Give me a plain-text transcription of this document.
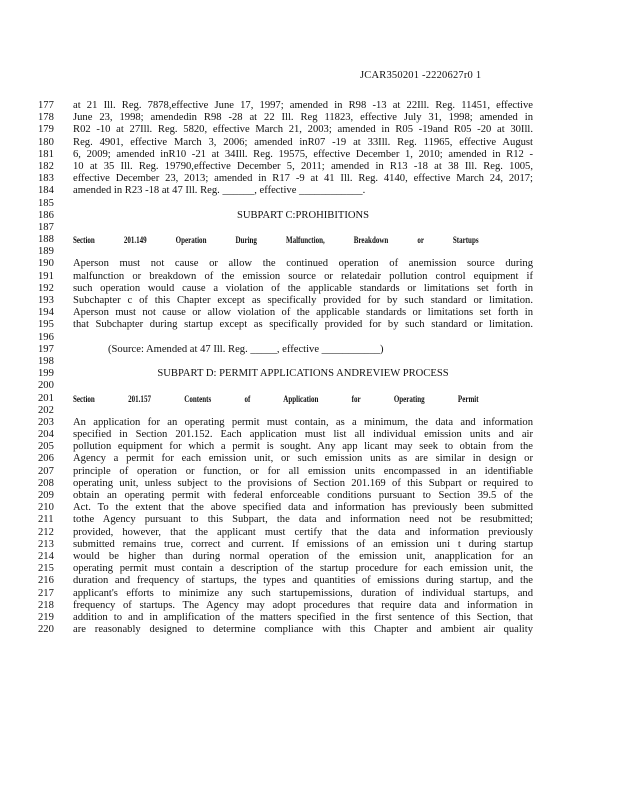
JCAR350201 -2220627r0 1
177	at 21 Ill. Reg. 7878,effective June 17, 1997; amended in R98 -13 at 22Ill. Reg. 11451, effective
178	June 23, 1998; amendedin R98 -28 at 22 Ill. Reg 11823, effective July 31, 1998; amended in
179	R02 -10 at 27Ill. Reg. 5820, effective March 21, 2003; amended in R05 -19and R05 -20 at 30Ill.
180	Reg. 4901, effective March 3, 2006; amended inR07 -19 at 33Ill. Reg. 11965, effective August
181	6, 2009; amended inR10 -21 at 34Ill. Reg. 19575, effective December 1, 2010; amended in R12 -
182	10 at 35 Ill. Reg. 19790,effective December 5, 2011; amended in R13 -18 at 38 Ill. Reg. 1005,
183	effective December 23, 2013; amended in R17 -9 at 41 Ill. Reg. 4140, effective March 24, 2017;
184	amended in R23 -18 at 47 Ill. Reg. ______, effective ____________.
185
186	SUBPART C:PROHIBITIONS
187
188	Section 201.149 Operation During Malfunction, Breakdown or Startups
189
190	Aperson must not cause or allow the continued operation of anemission source during
191	malfunction or breakdown of the emission source or relatedair pollution control equipment if
192	such operation would cause a violation of the applicable standards or limitations set forth in
193	Subchapter c of this Chapter except as specifically provided for by such standard or limitation.
194	Aperson must not cause or allow violation of the applicable standards or limitations set forth in
195	that Subchapter during startup except as specifically provided for by such standard or limitation.
196
197	(Source: Amended at 47 Ill. Reg. _____, effective ___________)
198
199	SUBPART D: PERMIT APPLICATIONS ANDREVIEW PROCESS
200
201	Section 201.157 Contents of Application for Operating Permit
202
203	An application for an operating permit must contain, as a minimum, the data and information
204	specified in Section 201.152. Each application must list all individual emission units and air
205	pollution equipment for which a permit is sought. Any app licant may seek to obtain from the
206	Agency a permit for each emission unit, or such emission units as are similar in design or
207	principle of operation or function, or for all emission units encompassed in an identifiable
208	operating unit, unless subject to the provisions of Section 201.169 of this Subpart or required to
209	obtain an operating permit with federal enforceable conditions pursuant to Section 39.5 of the
210	Act. To the extent that the above specified data and information has previously been submitted
211	tothe Agency pursuant to this Subpart, the data and information need not be resubmitted;
212	provided, however, that the applicant must certify that the data and information previously
213	submitted remains true, correct and current. If emissions of an emission uni t during startup
214	would be higher than during normal operation of the emission unit, anapplication for an
215	operating permit must contain a description of the startup procedure for each emission unit, the
216	duration and frequency of startups, the types and quantities of emissions during startup, and the
217	applicant's efforts to minimize any such startupemissions, duration of individual startups, and
218	frequency of startups. The Agency may adopt procedures that require data and information in
219	addition to and in amplification of the matters specified in the first sentence of this Section, that
220	are reasonably designed to determine compliance with this Chapter and ambient air quality
